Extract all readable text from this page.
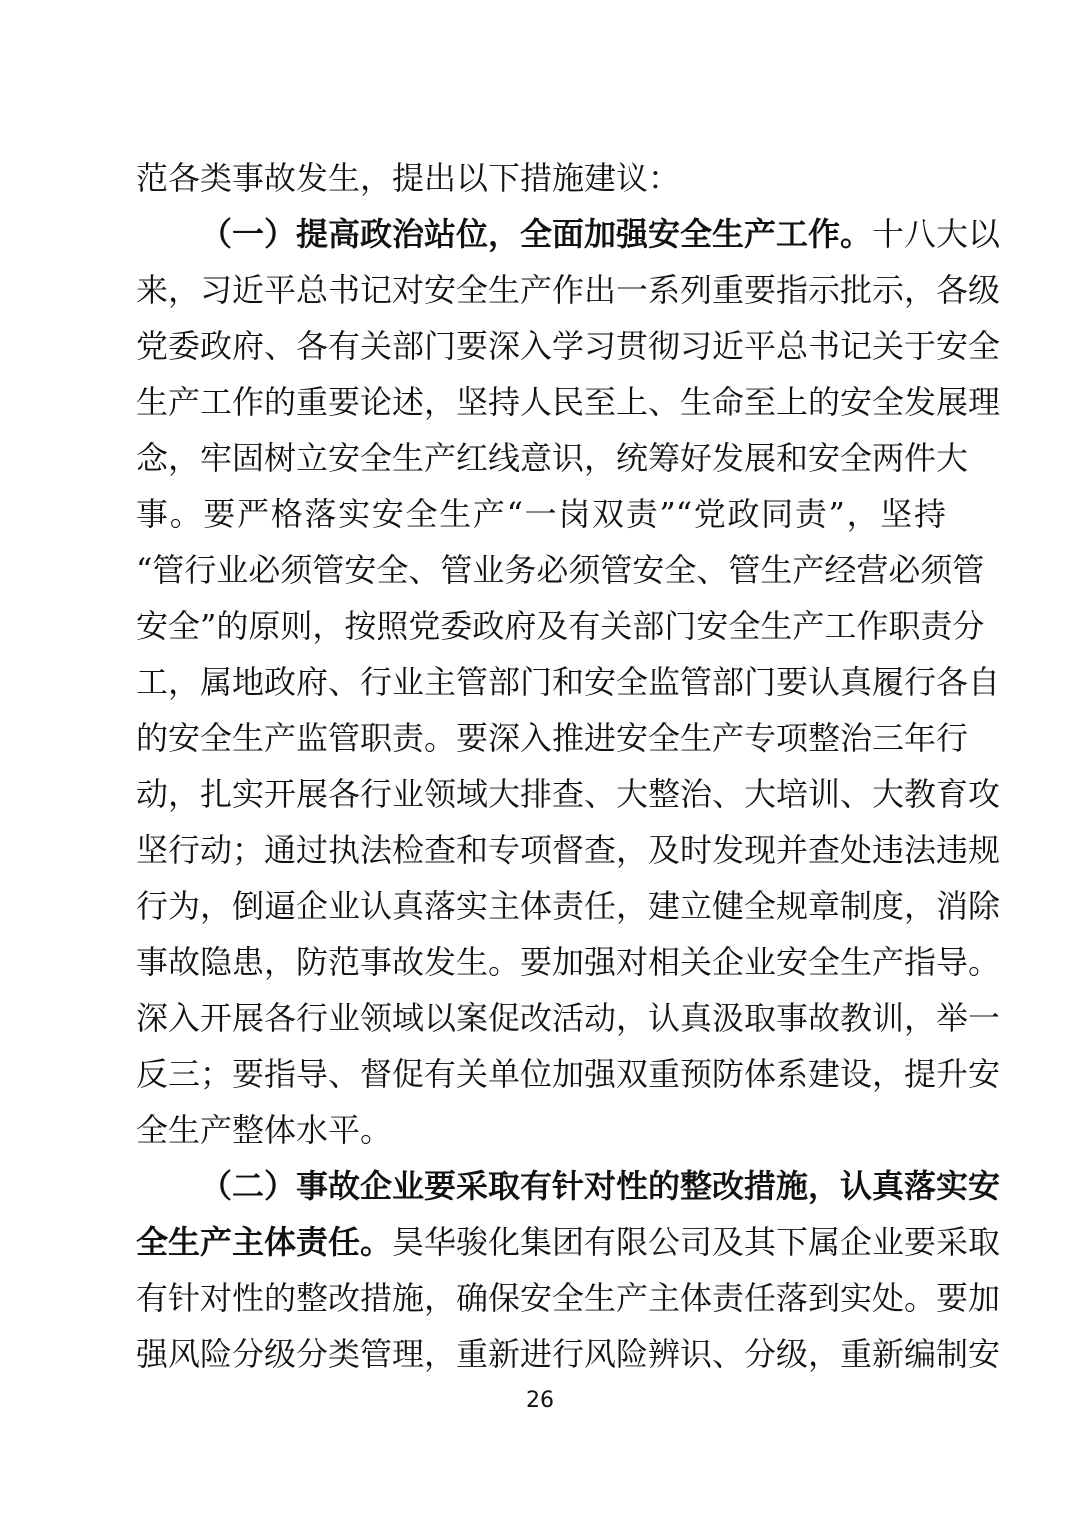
范各类事故发生，提出以下措施建议：
（一）提高政治站位，全面加强安全生产工作。十八大以
来，习近平总书记对安全生产作出一系列重要指示批示，各级
党委政府、各有关部门要深入学习贯彻习近平总书记关于安全
生产工作的重要论述，坚持人民至上、生命至上的安全发展理
念，牢固树立安全生产红线意识，统筹好发展和安全两件大
事。要严格落实安全生产“一岗双责”“党政同责”，坚持
“管行业必须管安全、管业务必须管安全、管生产经营必须管
安全”的原则，按照党委政府及有关部门安全生产工作职责分
工，属地政府、行业主管部门和安全监管部门要认真履行各自
的安全生产监管职责。要深入推进安全生产专项整治三年行
动，扎实开展各行业领域大排查、大整治、大培训、大教育攻
坚行动；通过执法检查和专项督查，及时发现并查处违法违规
行为，倒逼企业认真落实主体责任，建立健全规章制度，消除
事故隐患，防范事故发生。要加强对相关企业安全生产指导。
深入开展各行业领域以案促改活动，认真汲取事故教训，举一
反三；要指导、督促有关单位加强双重预防体系建设，提升安
全生产整体水平。
（二）事故企业要采取有针对性的整改措施，认真落实安
全生产主体责任。昊华骏化集团有限公司及其下属企业要采取
有针对性的整改措施，确保安全生产主体责任落到实处。要加
强风险分级分类管理，重新进行风险辨识、分级，重新编制安
26
